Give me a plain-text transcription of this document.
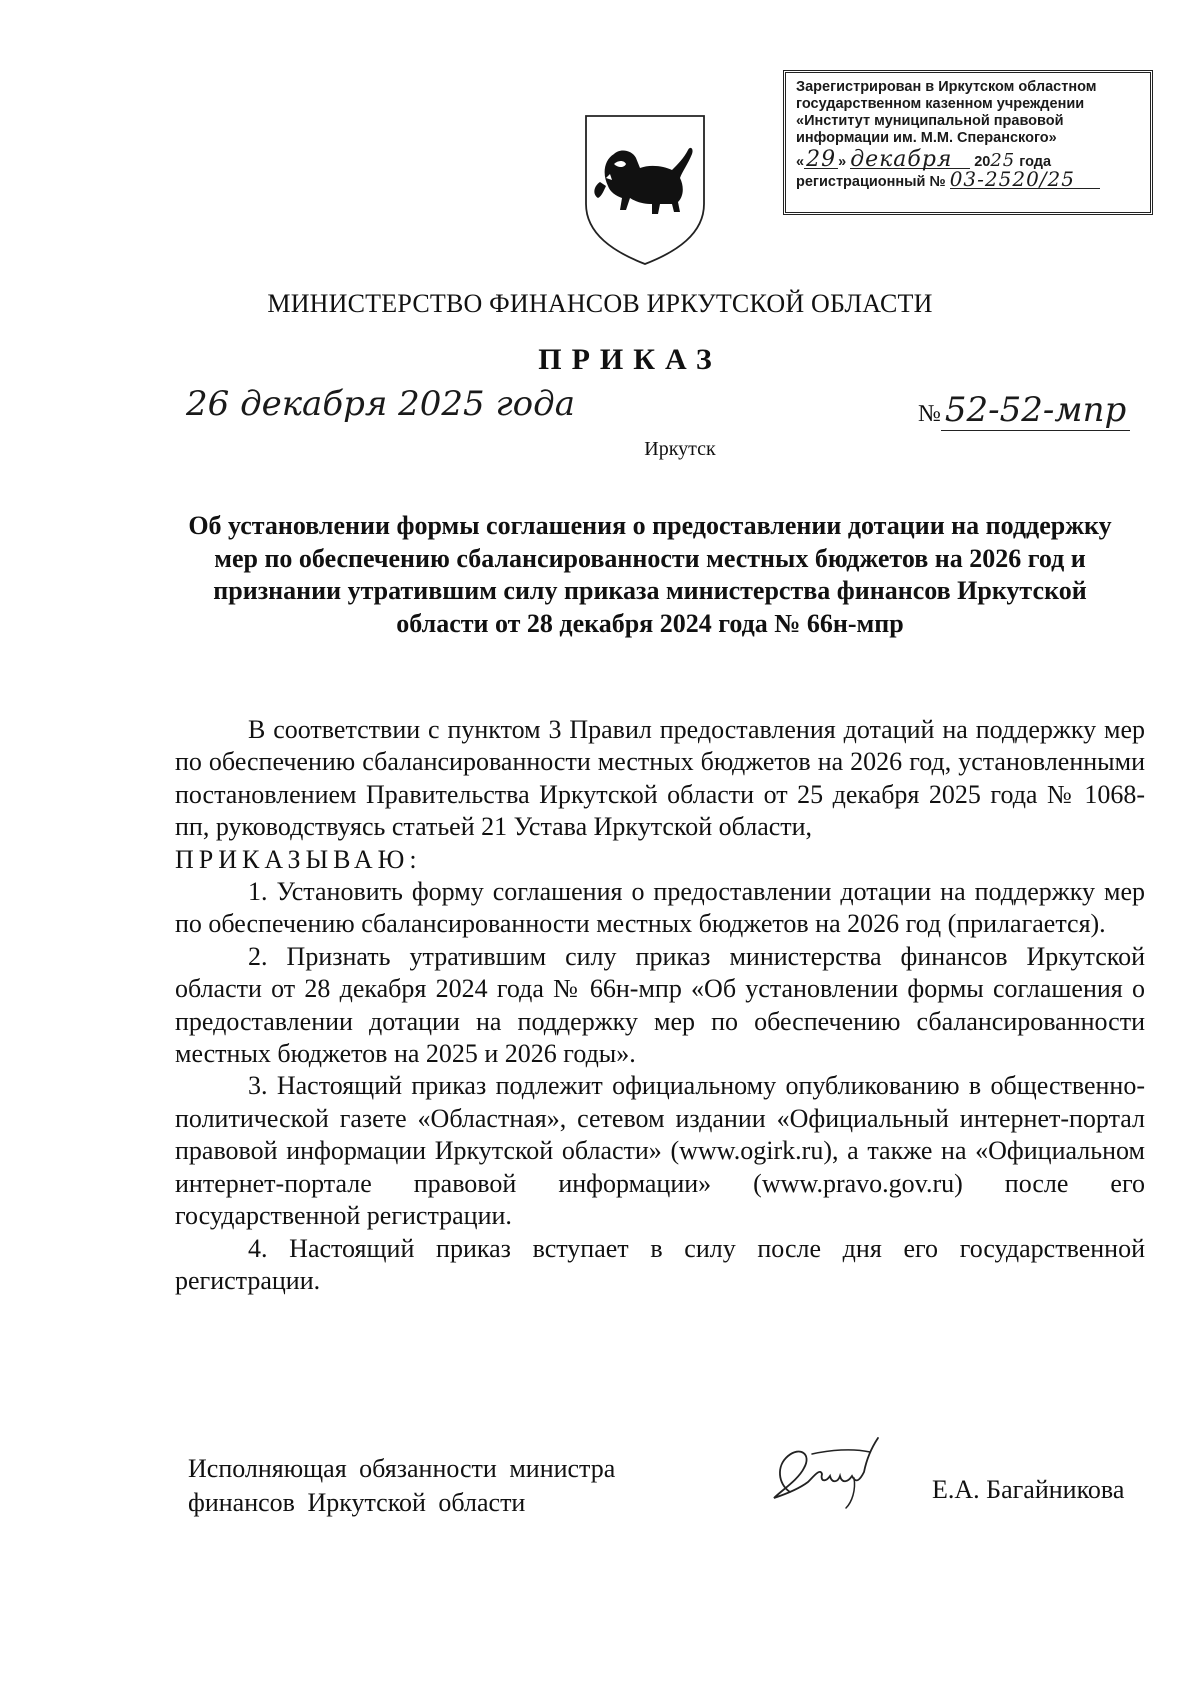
Зарегистрирован в Иркутском областном
государственном казенном учреждении
«Институт муниципальной правовой
информации им. М.М. Сперанского»
«29 » декабря 2025 года
регистрационный № 03-2520/25
МИНИСТЕРСТВО ФИНАНСОВ ИРКУТСКОЙ ОБЛАСТИ
ПРИКАЗ
26 декабря 2025 года	№ 52-52-мпр
Иркутск
Об установлении формы соглашения о предоставлении дотации на поддержку мер по обеспечению сбалансированности местных бюджетов на 2026 год и признании утратившим силу приказа министерства финансов Иркутской области от 28 декабря 2024 года № 66н-мпр

В соответствии с пунктом 3 Правил предоставления дотаций на поддержку мер по обеспечению сбалансированности местных бюджетов на 2026 год, установленными постановлением Правительства Иркутской области от 25 декабря 2025 года № 1068-пп, руководствуясь статьей 21 Устава Иркутской области,

ПРИКАЗЫВАЮ:

1. Установить форму соглашения о предоставлении дотации на поддержку мер по обеспечению сбалансированности местных бюджетов на 2026 год (прилагается).

2. Признать утратившим силу приказ министерства финансов Иркутской области от 28 декабря 2024 года № 66н-мпр «Об установлении формы соглашения о предоставлении дотации на поддержку мер по обеспечению сбалансированности местных бюджетов на 2025 и 2026 годы».

3. Настоящий приказ подлежит официальному опубликованию в общественно-политической газете «Областная», сетевом издании «Официальный интернет-портал правовой информации Иркутской области» (www.ogirk.ru), а также на «Официальном интернет-портале правовой информации» (www.pravo.gov.ru) после его государственной регистрации.

4. Настоящий приказ вступает в силу после дня его государственной регистрации.

Исполняющая обязанности министра
финансов Иркутской области	Е.А. Багайникова
